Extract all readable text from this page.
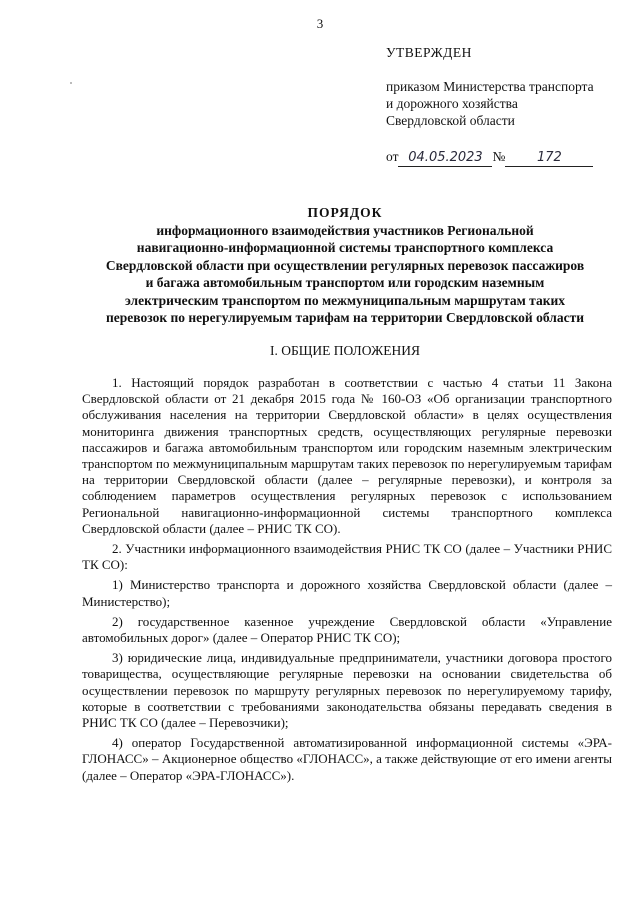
3
УТВЕРЖДЕН
приказом Министерства транспорта
и дорожного хозяйства
Свердловской области
от 04.05.2023 № 172
ПОРЯДОК
информационного взаимодействия участников Региональной
навигационно-информационной системы транспортного комплекса
Свердловской области при осуществлении регулярных перевозок пассажиров
и багажа автомобильным транспортом или городским наземным
электрическим транспортом по межмуниципальным маршрутам таких
перевозок по нерегулируемым тарифам на территории Свердловской области
I. ОБЩИЕ ПОЛОЖЕНИЯ

1. Настоящий порядок разработан в соответствии с частью 4 статьи 11 Закона Свердловской области от 21 декабря 2015 года № 160-ОЗ «Об организации транспортного обслуживания населения на территории Свердловской области» в целях осуществления мониторинга движения транспортных средств, осуществляющих регулярные перевозки пассажиров и багажа автомобильным транспортом или городским наземным электрическим транспортом по межмуниципальным маршрутам таких перевозок по нерегулируемым тарифам на территории Свердловской области (далее – регулярные перевозки), и контроля за соблюдением параметров осуществления регулярных перевозок с использованием Региональной навигационно-информационной системы транспортного комплекса Свердловской области (далее – РНИС ТК СО).

2. Участники информационного взаимодействия РНИС ТК СО (далее – Участники РНИС ТК СО):

1) Министерство транспорта и дорожного хозяйства Свердловской области (далее – Министерство);

2) государственное казенное учреждение Свердловской области «Управление автомобильных дорог» (далее – Оператор РНИС ТК СО);

3) юридические лица, индивидуальные предприниматели, участники договора простого товарищества, осуществляющие регулярные перевозки на основании свидетельства об осуществлении перевозок по маршруту регулярных перевозок по нерегулируемому тарифу, которые в соответствии с требованиями законодательства обязаны передавать сведения в РНИС ТК СО (далее – Перевозчики);

4) оператор Государственной автоматизированной информационной системы «ЭРА-ГЛОНАСС» – Акционерное общество «ГЛОНАСС», а также действующие от его имени агенты (далее – Оператор «ЭРА-ГЛОНАСС»).
